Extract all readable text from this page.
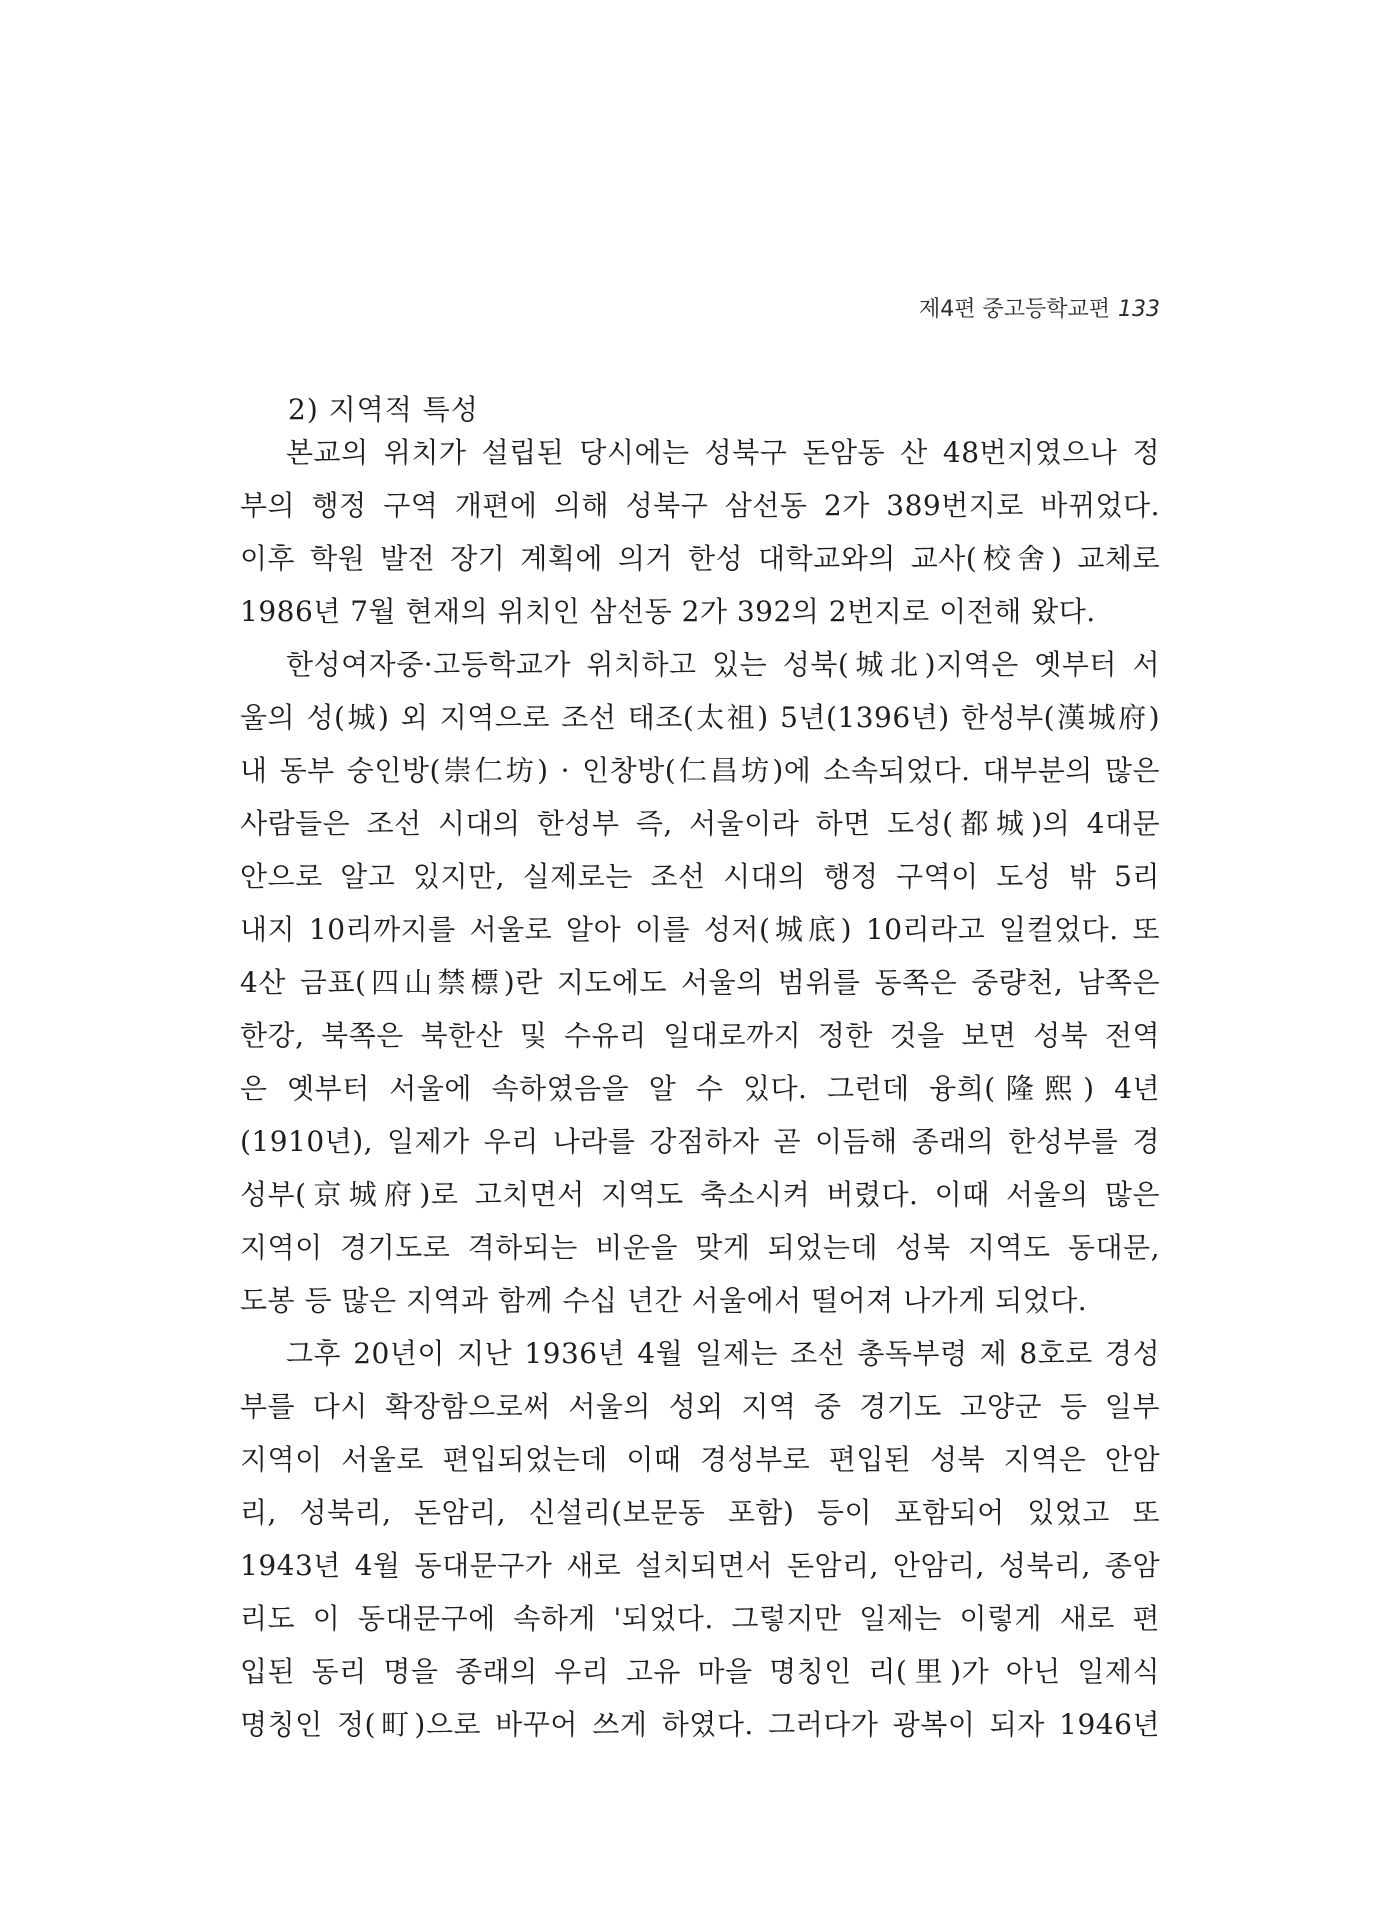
제4편 중고등학교편 133
2) 지역적 특성
본교의 위치가 설립된 당시에는 성북구 돈암동 산 48번지였으나 정
부의 행정 구역 개편에 의해 성북구 삼선동 2가 389번지로 바뀌었다.
이후 학원 발전 장기 계획에 의거 한성 대학교와의 교사(校舍) 교체로
1986년 7월 현재의 위치인 삼선동 2가 392의 2번지로 이전해 왔다.
한성여자중·고등학교가 위치하고 있는 성북(城北)지역은 옛부터 서
울의 성(城) 외 지역으로 조선 태조(太祖) 5년(1396년) 한성부(漢城府)
내 동부 숭인방(崇仁坊) · 인창방(仁昌坊)에 소속되었다. 대부분의 많은
사람들은 조선 시대의 한성부 즉, 서울이라 하면 도성(都城)의 4대문
안으로 알고 있지만, 실제로는 조선 시대의 행정 구역이 도성 밖 5리
내지 10리까지를 서울로 알아 이를 성저(城底) 10리라고 일컬었다. 또
4산 금표(四山禁標)란 지도에도 서울의 범위를 동쪽은 중량천, 남쪽은
한강, 북쪽은 북한산 및 수유리 일대로까지 정한 것을 보면 성북 전역
은 옛부터 서울에 속하였음을 알 수 있다. 그런데 융희(隆熙) 4년
(1910년), 일제가 우리 나라를 강점하자 곧 이듬해 종래의 한성부를 경
성부(京城府)로 고치면서 지역도 축소시켜 버렸다. 이때 서울의 많은
지역이 경기도로 격하되는 비운을 맞게 되었는데 성북 지역도 동대문,
도봉 등 많은 지역과 함께 수십 년간 서울에서 떨어져 나가게 되었다.
그후 20년이 지난 1936년 4월 일제는 조선 총독부령 제 8호로 경성
부를 다시 확장함으로써 서울의 성외 지역 중 경기도 고양군 등 일부
지역이 서울로 편입되었는데 이때 경성부로 편입된 성북 지역은 안암
리, 성북리, 돈암리, 신설리(보문동 포함) 등이 포함되어 있었고 또
1943년 4월 동대문구가 새로 설치되면서 돈암리, 안암리, 성북리, 종암
리도 이 동대문구에 속하게 '되었다. 그렇지만 일제는 이렇게 새로 편
입된 동리 명을 종래의 우리 고유 마을 명칭인 리(里)가 아닌 일제식
명칭인 정(町)으로 바꾸어 쓰게 하였다. 그러다가 광복이 되자 1946년
